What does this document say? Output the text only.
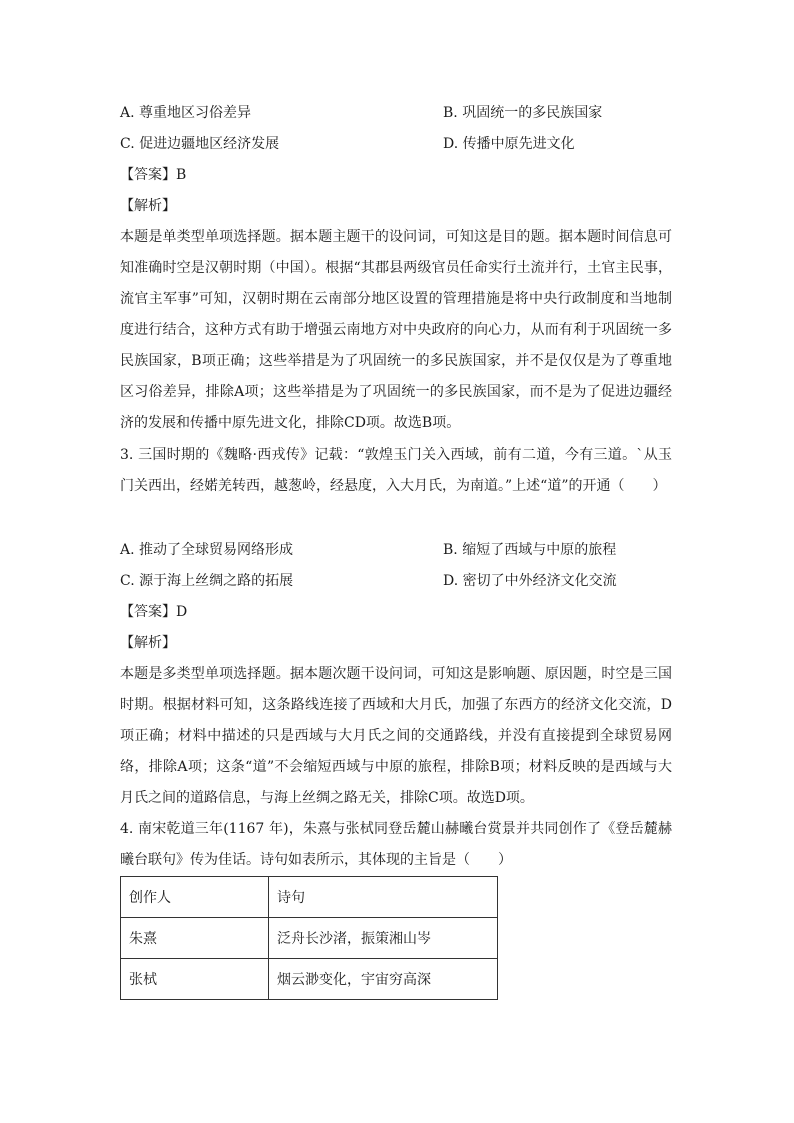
A. 尊重地区习俗差异	B. 巩固统一的多民族国家
C. 促进边疆地区经济发展	D. 传播中原先进文化
【答案】B
【解析】
本题是单类型单项选择题。据本题主题干的设问词，可知这是目的题。据本题时间信息可知准确时空是汉朝时期（中国）。根据“其郡县两级官员任命实行土流并行，土官主民事，流官主军事”可知，汉朝时期在云南部分地区设置的管理措施是将中央行政制度和当地制度进行结合，这种方式有助于增强云南地方对中央政府的向心力，从而有利于巩固统一多民族国家，B项正确；这些举措是为了巩固统一的多民族国家，并不是仅仅是为了尊重地区习俗差异，排除A项；这些举措是为了巩固统一的多民族国家，而不是为了促进边疆经济的发展和传播中原先进文化，排除CD项。故选B项。
3. 三国时期的《魏略·西戎传》记载：“敦煌玉门关入西域，前有二道，今有三道。`从玉门关西出，经婼羌转西，越葱岭，经悬度，入大月氏，为南道。”上述“道”的开通（　　）
A. 推动了全球贸易网络形成	B. 缩短了西域与中原的旅程
C. 源于海上丝绸之路的拓展	D. 密切了中外经济文化交流
【答案】D
【解析】
本题是多类型单项选择题。据本题次题干设问词，可知这是影响题、原因题，时空是三国时期。根据材料可知，这条路线连接了西域和大月氏，加强了东西方的经济文化交流，D项正确；材料中描述的只是西域与大月氏之间的交通路线，并没有直接提到全球贸易网络，排除A项；这条“道”不会缩短西域与中原的旅程，排除B项；材料反映的是西域与大月氏之间的道路信息，与海上丝绸之路无关，排除C项。故选D项。
4. 南宋乾道三年(1167 年)，朱熹与张栻同登岳麓山赫曦台赏景并共同创作了《登岳麓赫曦台联句》传为佳话。诗句如表所示，其体现的主旨是（　　）
创作人	诗句
朱熹	泛舟长沙渚，振策湘山岑
张栻	烟云渺变化，宇宙穷高深
